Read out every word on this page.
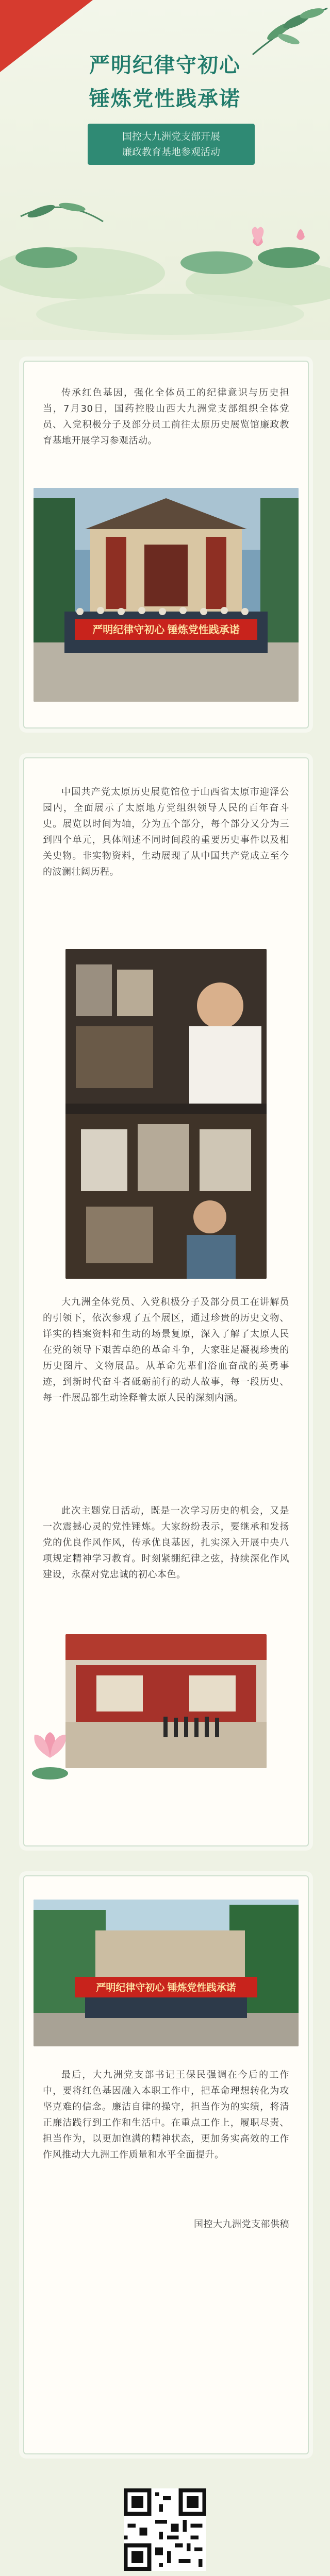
严明纪律守初心
锤炼党性践承诺
国控大九洲党支部开展
廉政教育基地参观活动
传承红色基因，强化全体员工的纪律意识与历史担当，7月30日，国药控股山西大九洲党支部组织全体党员、入党积极分子及部分员工前往太原历史展览馆廉政教育基地开展学习参观活动。
严明纪律守初心 锤炼党性践承诺
中国共产党太原历史展览馆位于山西省太原市迎泽公园内，全面展示了太原地方党组织领导人民的百年奋斗史。展览以时间为轴，分为五个部分，每个部分又分为三到四个单元，具体阐述不同时间段的重要历史事件以及相关史物。非实物资料，生动展现了从中国共产党成立至今的波澜壮阔历程。
大九洲全体党员、入党积极分子及部分员工在讲解员的引领下，依次参观了五个展区，通过珍贵的历史文物、详实的档案资料和生动的场景复原，深入了解了太原人民在党的领导下艰苦卓绝的革命斗争，大家驻足凝视珍贵的历史图片、文物展品。从革命先辈们浴血奋战的英勇事迹，到新时代奋斗者砥砺前行的动人故事，每一段历史、每一件展品都生动诠释着太原人民的深刻内涵。
此次主题党日活动，既是一次学习历史的机会，又是一次震撼心灵的党性锤炼。大家纷纷表示，要继承和发扬党的优良作风作风，传承优良基因，扎实深入开展中央八项规定精神学习教育。时刻紧绷纪律之弦，持续深化作风建设，永葆对党忠诚的初心本色。
严明纪律守初心 锤炼党性践承诺
最后，大九洲党支部书记王保民强调在今后的工作中，要将红色基因融入本职工作中，把革命理想转化为攻坚克难的信念。廉洁自律的操守，担当作为的实绩，将清正廉洁践行到工作和生活中。在重点工作上，履职尽责、担当作为，以更加饱满的精神状态，更加务实高效的工作作风推动大九洲工作质量和水平全面提升。
国控大九洲党支部供稿
